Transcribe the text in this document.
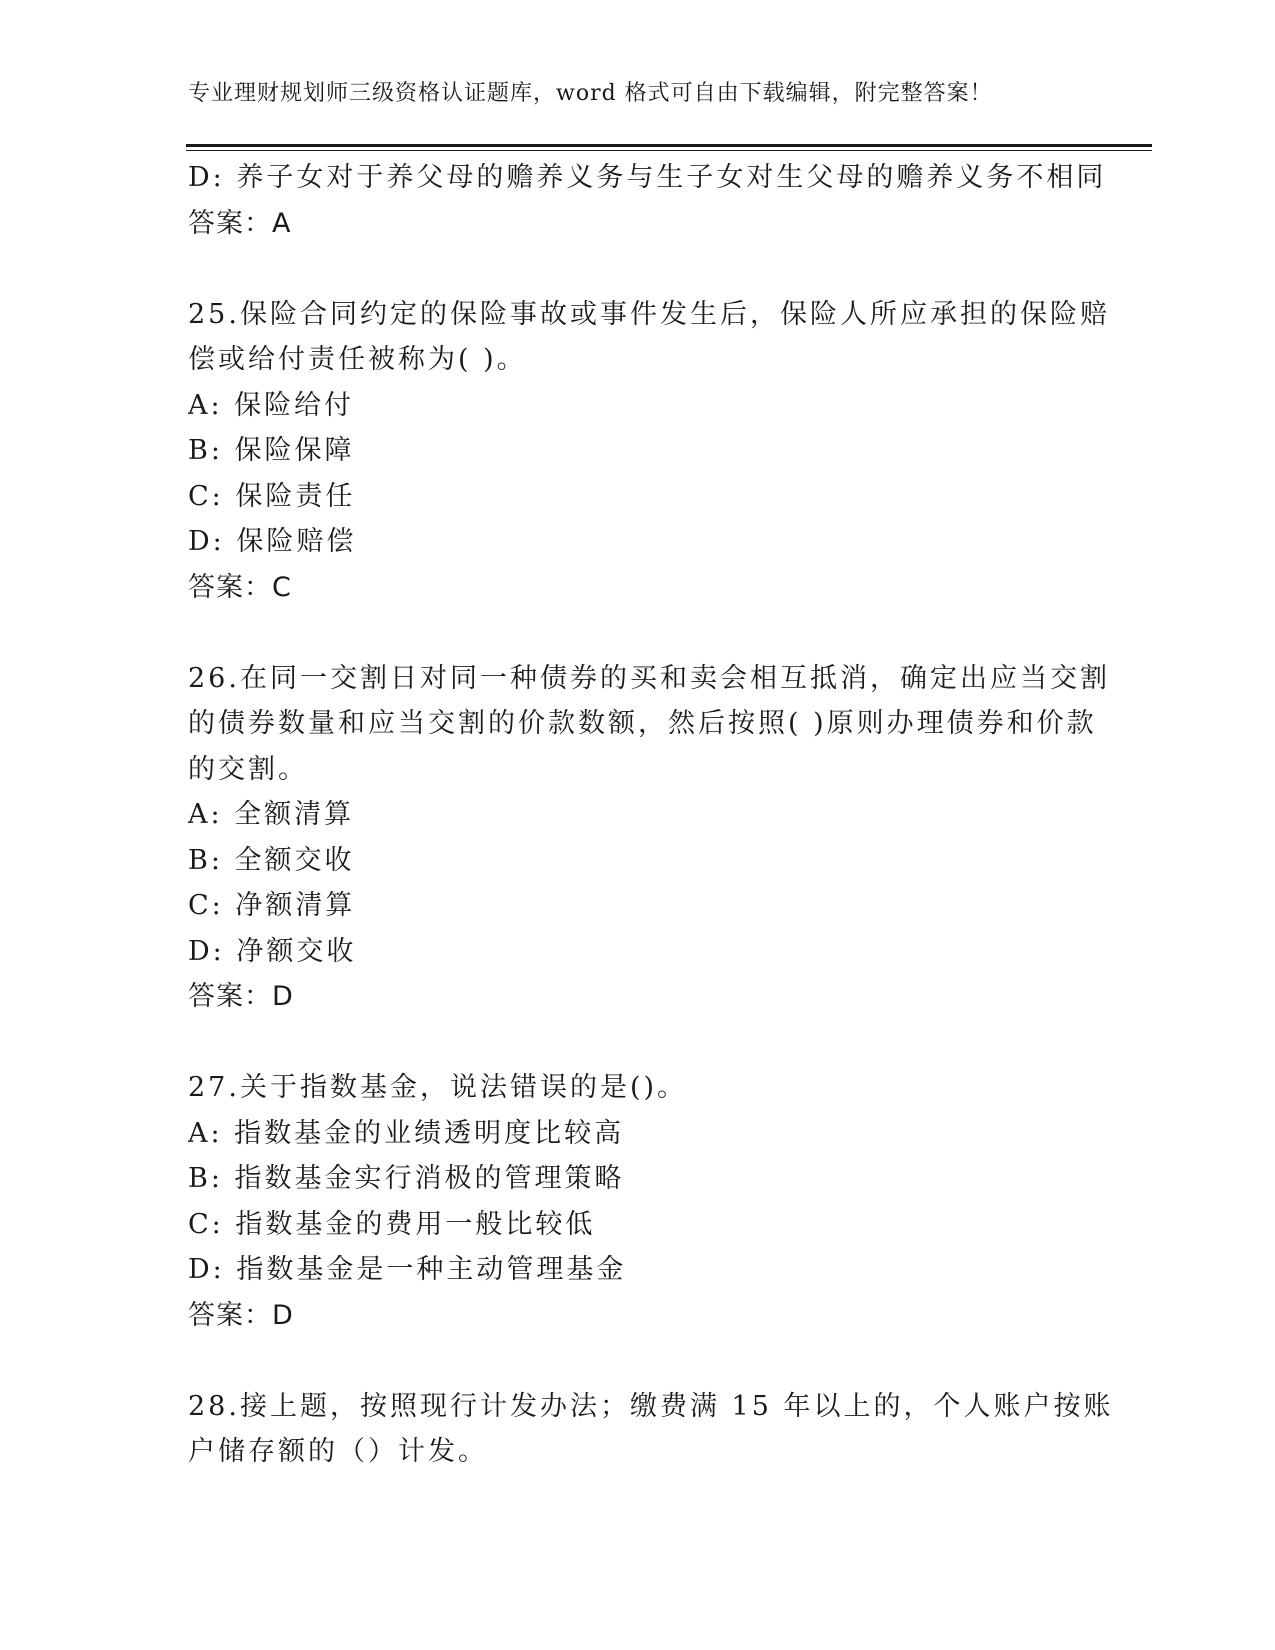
专业理财规划师三级资格认证题库，word 格式可自由下载编辑，附完整答案！
D: 养子女对于养父母的赡养义务与生子女对生父母的赡养义务不相同
答案：A
25.保险合同约定的保险事故或事件发生后，保险人所应承担的保险赔
偿或给付责任被称为( )。
A: 保险给付
B: 保险保障
C: 保险责任
D: 保险赔偿
答案：C
26.在同一交割日对同一种债券的买和卖会相互抵消，确定出应当交割
的债券数量和应当交割的价款数额，然后按照( )原则办理债券和价款
的交割。
A: 全额清算
B: 全额交收
C: 净额清算
D: 净额交收
答案：D
27.关于指数基金，说法错误的是()。
A: 指数基金的业绩透明度比较高
B: 指数基金实行消极的管理策略
C: 指数基金的费用一般比较低
D: 指数基金是一种主动管理基金
答案：D
28.接上题，按照现行计发办法；缴费满 15 年以上的，个人账户按账
户储存额的（）计发。
